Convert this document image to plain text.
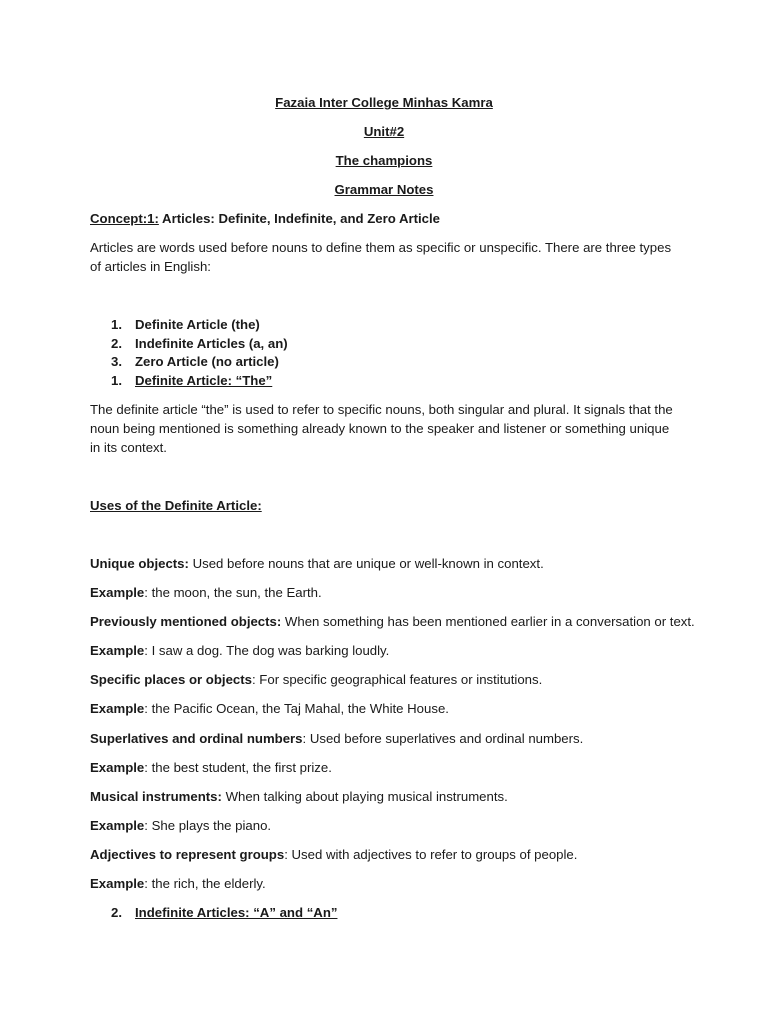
Fazaia Inter College Minhas Kamra
Unit#2
The champions
Grammar Notes
Concept:1: Articles: Definite, Indefinite, and Zero Article
Articles are words used before nouns to define them as specific or unspecific. There are three types of articles in English:
1. Definite Article (the)
2. Indefinite Articles (a, an)
3. Zero Article (no article)
1. Definite Article: “The”
The definite article “the” is used to refer to specific nouns, both singular and plural. It signals that the noun being mentioned is something already known to the speaker and listener or something unique in its context.
Uses of the Definite Article:
Unique objects: Used before nouns that are unique or well-known in context.
Example: the moon, the sun, the Earth.
Previously mentioned objects: When something has been mentioned earlier in a conversation or text.
Example: I saw a dog. The dog was barking loudly.
Specific places or objects: For specific geographical features or institutions.
Example: the Pacific Ocean, the Taj Mahal, the White House.
Superlatives and ordinal numbers: Used before superlatives and ordinal numbers.
Example: the best student, the first prize.
Musical instruments: When talking about playing musical instruments.
Example: She plays the piano.
Adjectives to represent groups: Used with adjectives to refer to groups of people.
Example: the rich, the elderly.
2. Indefinite Articles: “A” and “An”
